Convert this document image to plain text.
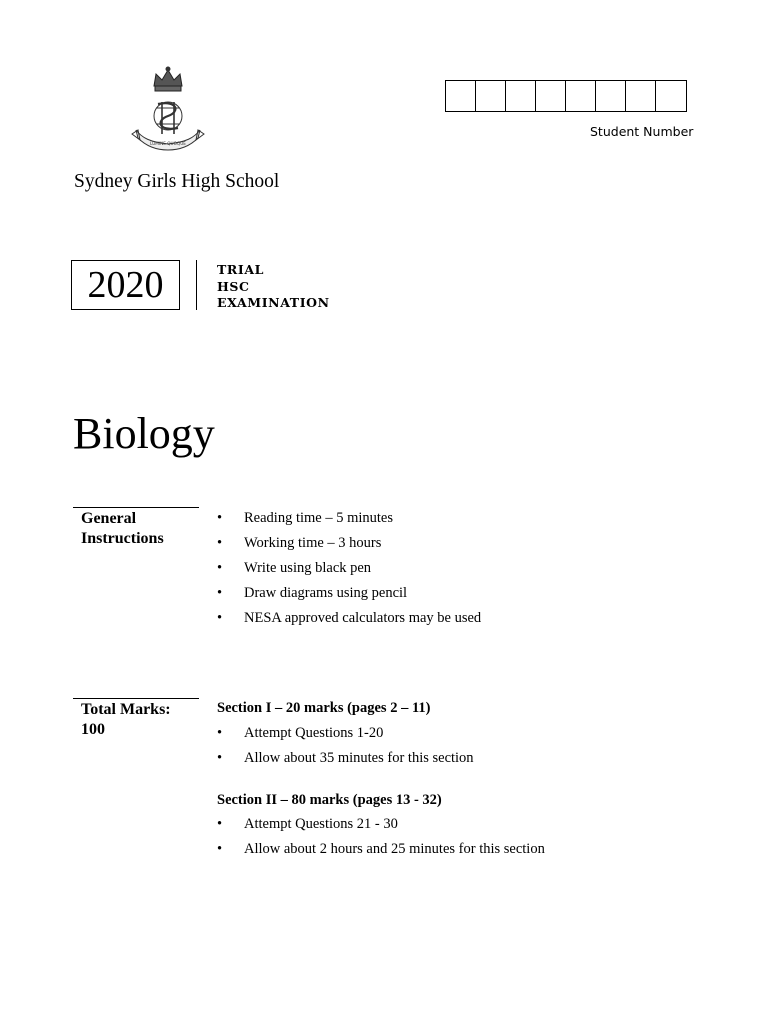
LUMINE QUOQUE
Student Number
Sydney Girls High School
2020	TRIAL
HSC
EXAMINATION
Biology
General
Instructions
• Reading time – 5 minutes
• Working time – 3 hours
• Write using black pen
• Draw diagrams using pencil
• NESA approved calculators may be used
Total Marks:
100
Section I – 20 marks (pages 2 – 11)
• Attempt Questions 1-20
• Allow about 35 minutes for this section
Section II – 80 marks (pages 13 - 32)
• Attempt Questions 21 - 30
• Allow about 2 hours and 25 minutes for this section
